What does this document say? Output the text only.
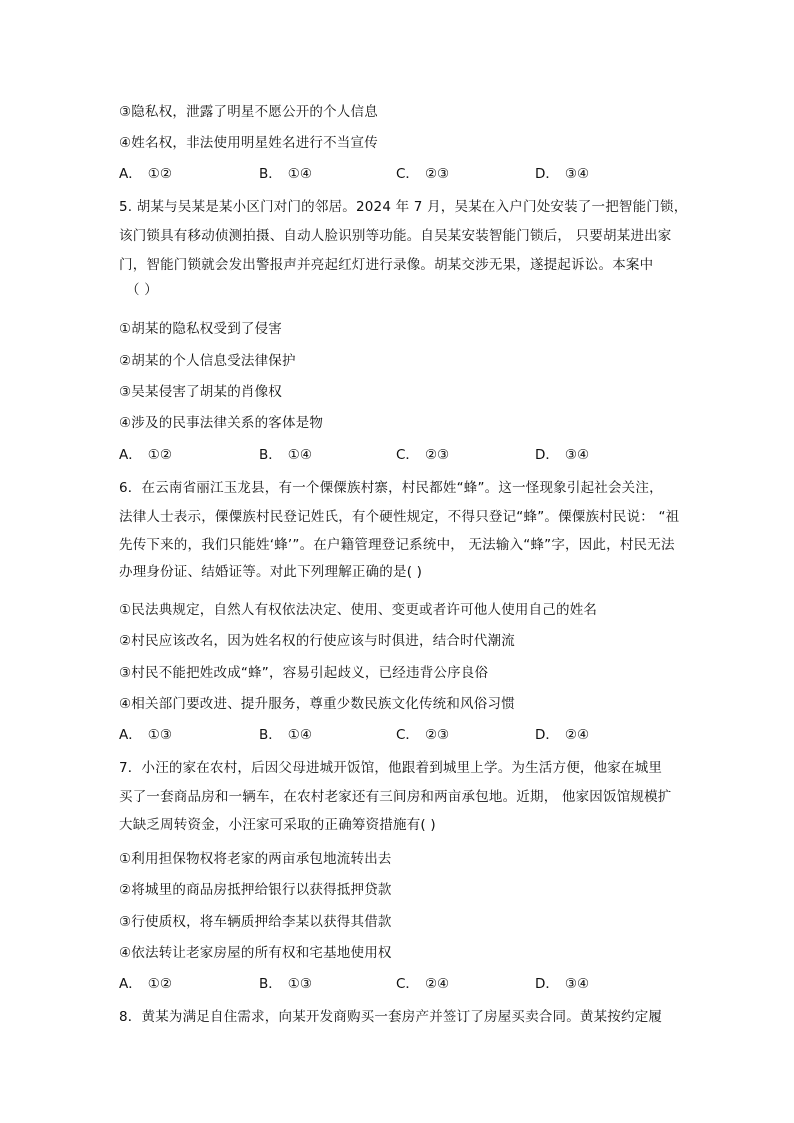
③隐私权，泄露了明星不愿公开的个人信息
④姓名权，非法使用明星姓名进行不当宣传
A． ①②	B． ①④	C． ②③	D． ③④
5. 胡某与吴某是某小区门对门的邻居。2024 年 7 月，吴某在入户门处安装了一把智能门锁，
该门锁具有移动侦测拍摄、自动人脸识别等功能。自吴某安装智能门锁后， 只要胡某进出家
门，智能门锁就会发出警报声并亮起红灯进行录像。胡某交涉无果，遂提起诉讼。本案中
（ ）
①胡某的隐私权受到了侵害
②胡某的个人信息受法律保护
③吴某侵害了胡某的肖像权
④涉及的民事法律关系的客体是物
A． ①②	B． ①④	C． ②③	D． ③④
6．在云南省丽江玉龙县，有一个傈僳族村寨，村民都姓“蜂”。这一怪现象引起社会关注，
法律人士表示，傈僳族村民登记姓氏，有个硬性规定，不得只登记“蜂”。傈僳族村民说： “祖
先传下来的，我们只能姓‘蜂’”。在户籍管理登记系统中， 无法输入“蜂”字，因此，村民无法
办理身份证、结婚证等。对此下列理解正确的是( )
①民法典规定，自然人有权依法决定、使用、变更或者许可他人使用自己的姓名
②村民应该改名，因为姓名权的行使应该与时俱进，结合时代潮流
③村民不能把姓改成“蜂”，容易引起歧义，已经违背公序良俗
④相关部门要改进、提升服务，尊重少数民族文化传统和风俗习惯
A． ①③	B． ①④	C． ②③	D． ②④
7．小汪的家在农村，后因父母进城开饭馆，他跟着到城里上学。为生活方便，他家在城里
买了一套商品房和一辆车，在农村老家还有三间房和两亩承包地。近期， 他家因饭馆规模扩
大缺乏周转资金，小汪家可采取的正确筹资措施有( )
①利用担保物权将老家的两亩承包地流转出去
②将城里的商品房抵押给银行以获得抵押贷款
③行使质权，将车辆质押给李某以获得其借款
④依法转让老家房屋的所有权和宅基地使用权
A． ①②	B． ①③	C． ②④	D． ③④
8．黄某为满足自住需求，向某开发商购买一套房产并签订了房屋买卖合同。黄某按约定履
